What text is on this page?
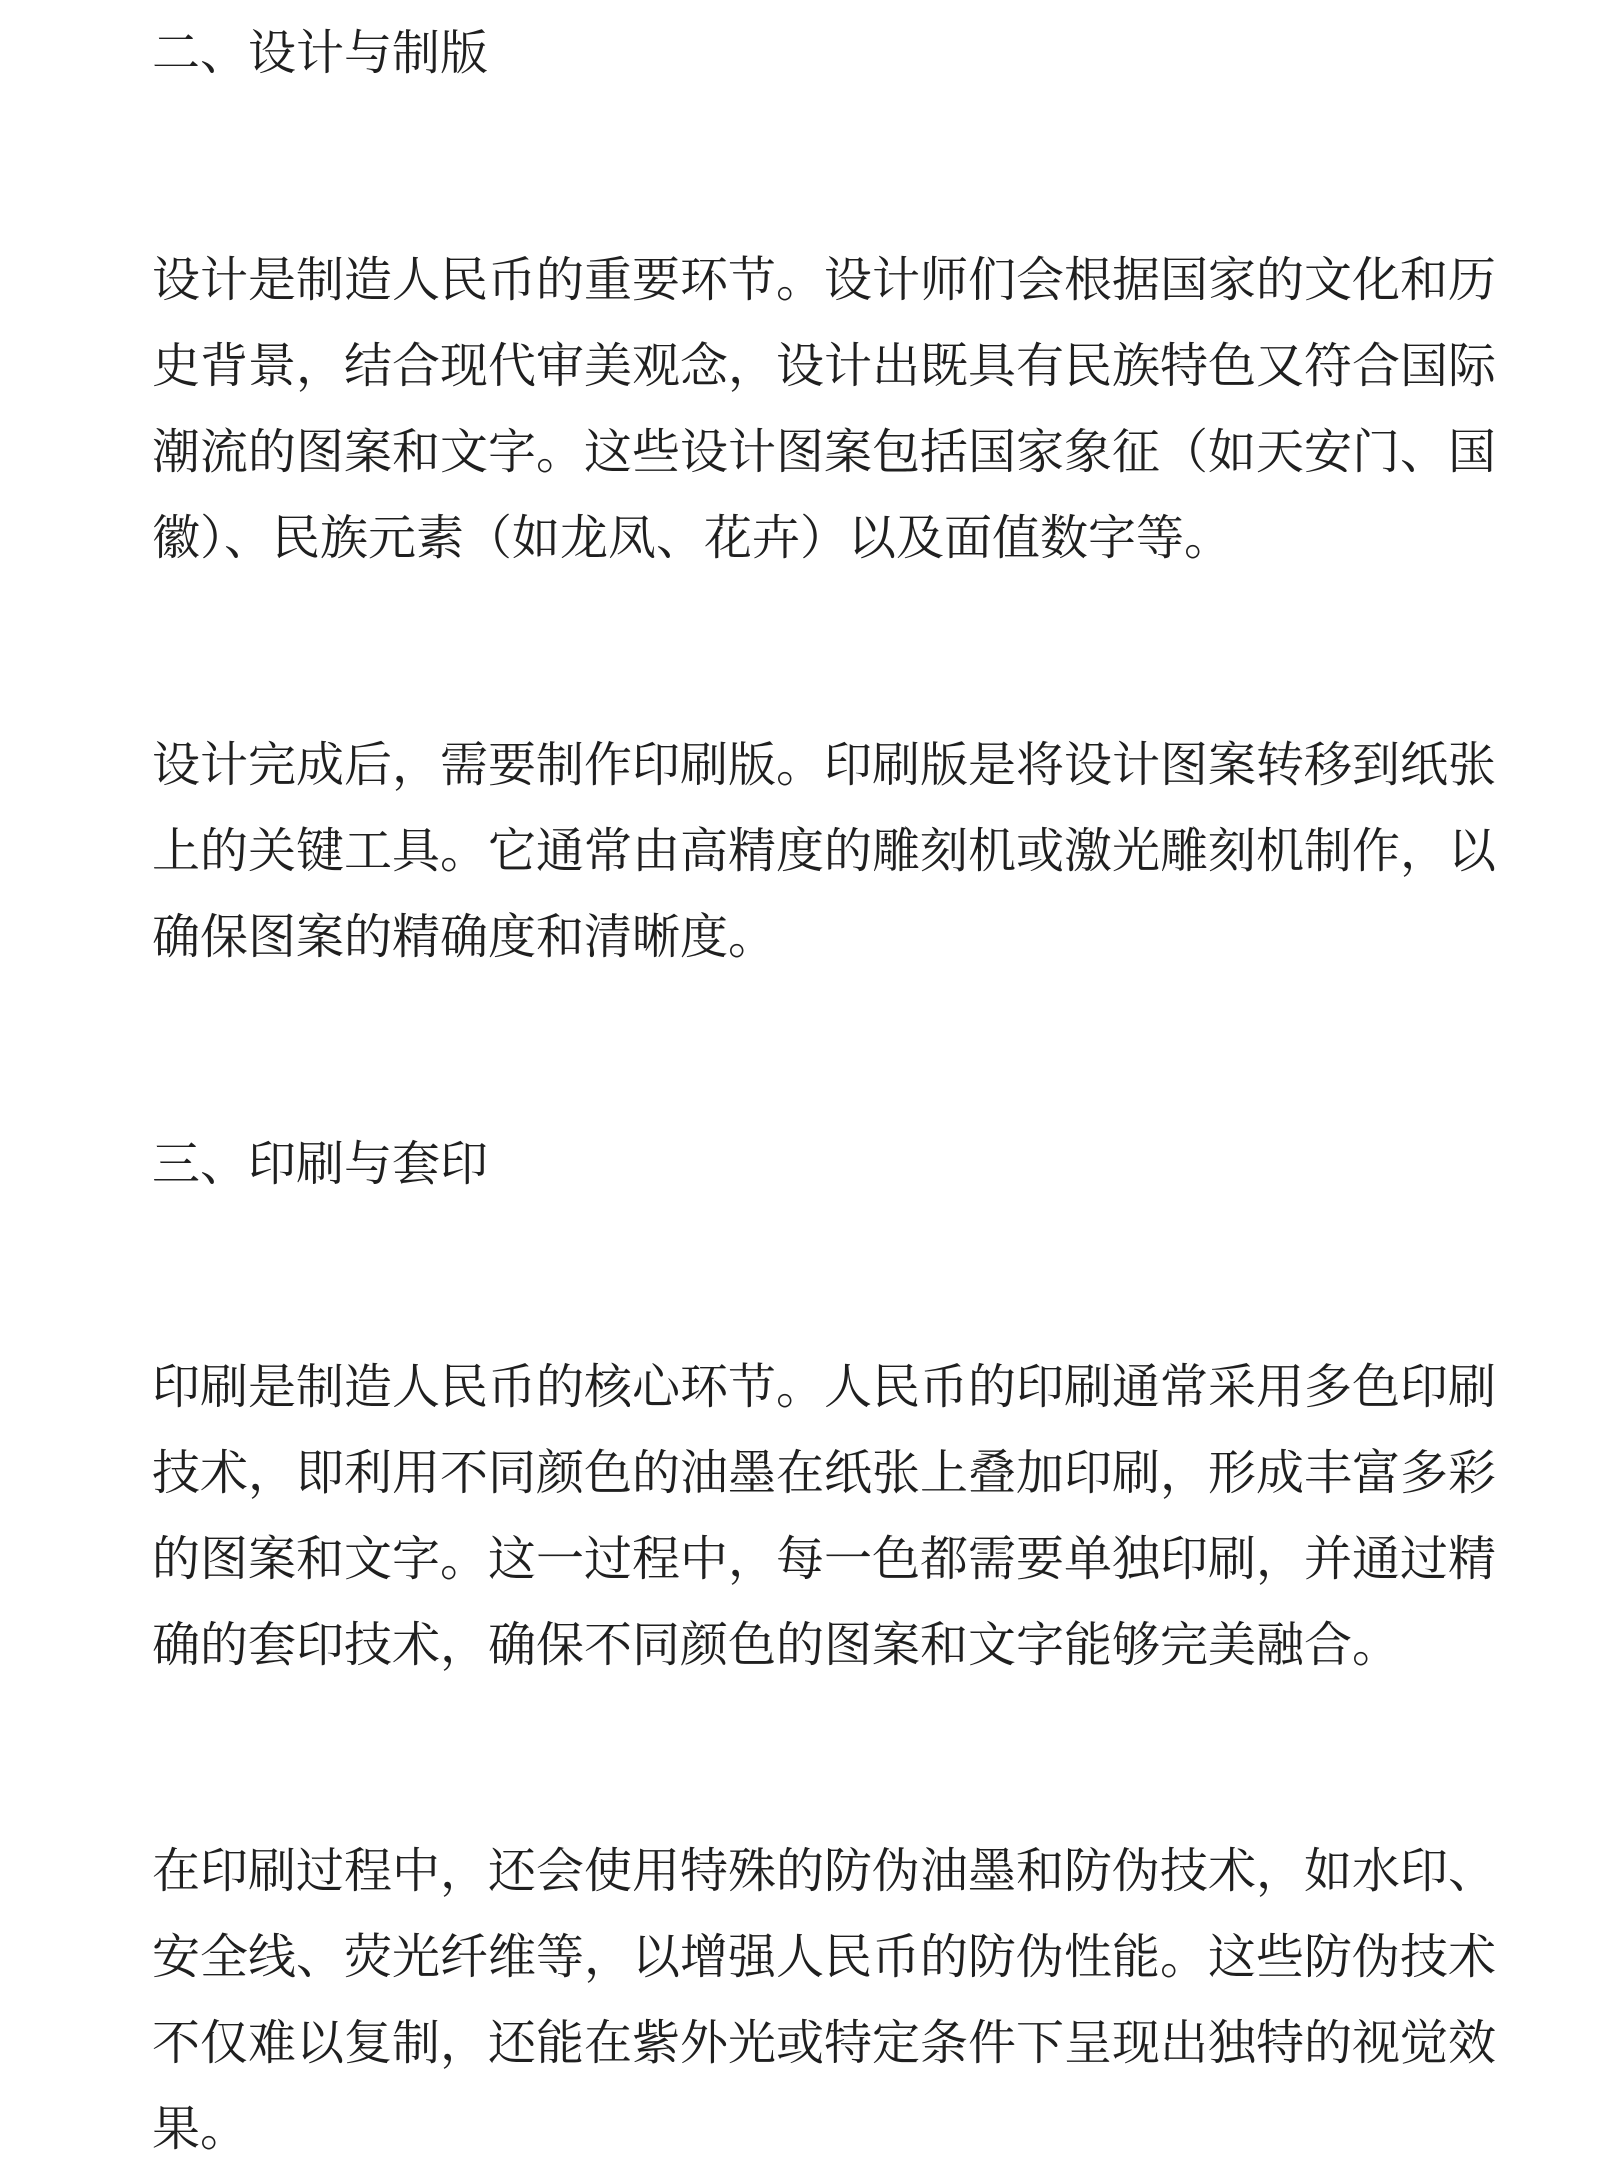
二、设计与制版

设计是制造人民币的重要环节。设计师们会根据国家的文化和历
史背景，结合现代审美观念，设计出既具有民族特色又符合国际
潮流的图案和文字。这些设计图案包括国家象征（如天安门、国
徽）、民族元素（如龙凤、花卉）以及面值数字等。

设计完成后，需要制作印刷版。印刷版是将设计图案转移到纸张
上的关键工具。它通常由高精度的雕刻机或激光雕刻机制作，以
确保图案的精确度和清晰度。

三、印刷与套印

印刷是制造人民币的核心环节。人民币的印刷通常采用多色印刷
技术，即利用不同颜色的油墨在纸张上叠加印刷，形成丰富多彩
的图案和文字。这一过程中，每一色都需要单独印刷，并通过精
确的套印技术，确保不同颜色的图案和文字能够完美融合。

在印刷过程中，还会使用特殊的防伪油墨和防伪技术，如水印、
安全线、荧光纤维等，以增强人民币的防伪性能。这些防伪技术
不仅难以复制，还能在紫外光或特定条件下呈现出独特的视觉效
果。
